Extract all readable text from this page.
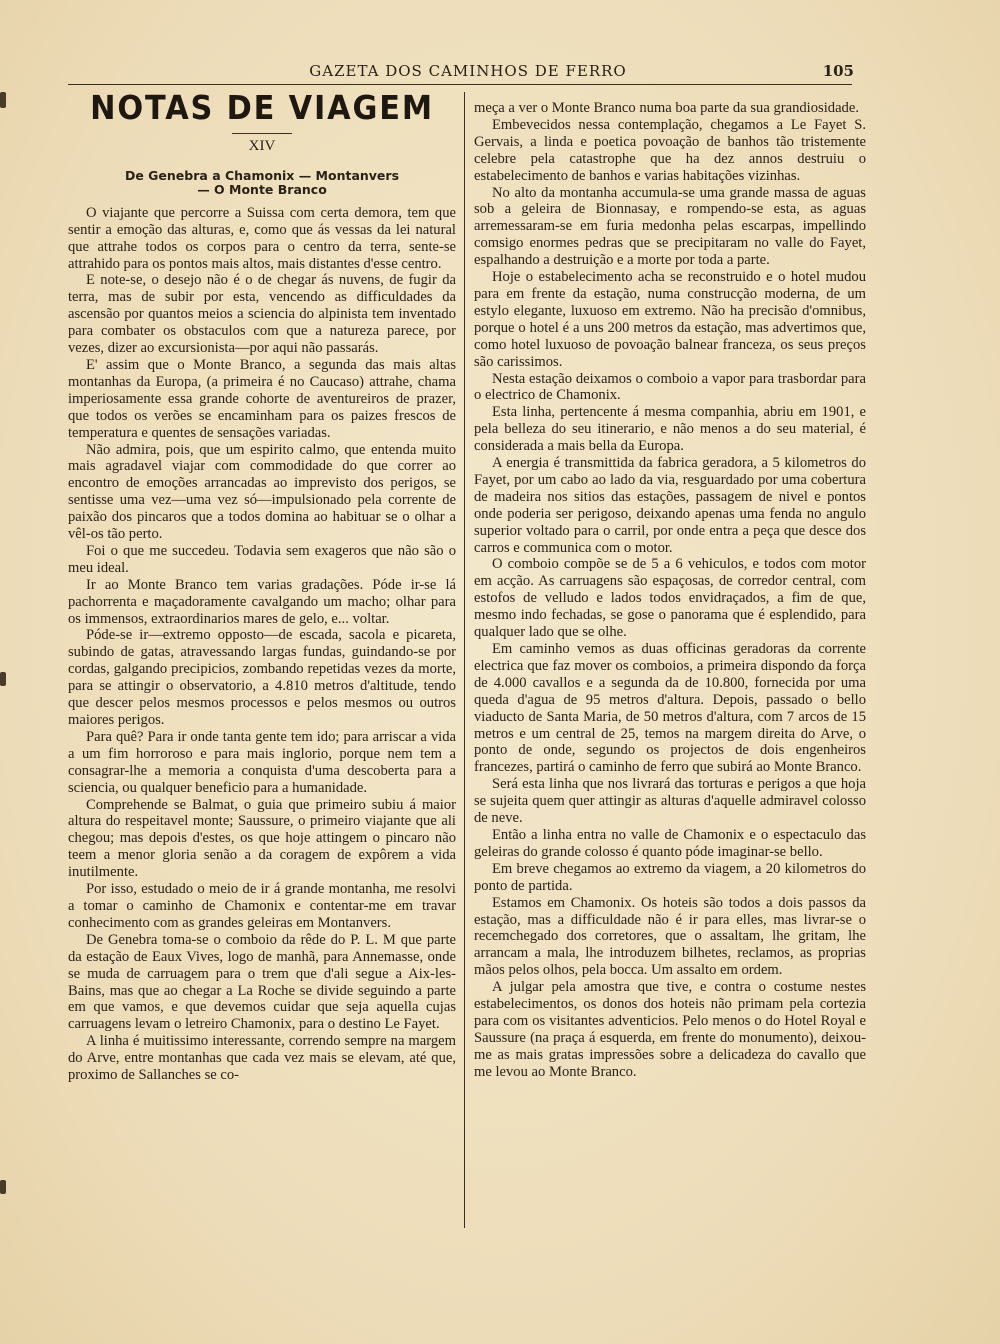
GAZETA DOS CAMINHOS DE FERRO	105
NOTAS DE VIAGEM
XIV
De Genebra a Chamonix — Montanvers
— O Monte Branco

O viajante que percorre a Suissa com certa demora, tem que sentir a emoção das alturas, e, como que ás vessas da lei natural que attrahe todos os corpos para o centro da terra, sente-se attrahido para os pontos mais altos, mais distantes d'esse centro.

E note-se, o desejo não é o de chegar ás nuvens, de fugir da terra, mas de subir por esta, vencendo as difficuldades da ascensão por quantos meios a sciencia do alpinista tem inventado para combater os obstaculos com que a natureza parece, por vezes, dizer ao excursionista—por aqui não passarás.

E' assim que o Monte Branco, a segunda das mais altas montanhas da Europa, (a primeira é no Caucaso) attrahe, chama imperiosamente essa grande cohorte de aventureiros de prazer, que todos os verões se encaminham para os paizes frescos de temperatura e quentes de sensações variadas.

Não admira, pois, que um espirito calmo, que entenda muito mais agradavel viajar com commodidade do que correr ao encontro de emoções arrancadas ao imprevisto dos perigos, se sentisse uma vez—uma vez só—impulsionado pela corrente de paixão dos pincaros que a todos domina ao habituar se o olhar a vêl-os tão perto.

Foi o que me succedeu. Todavia sem exageros que não são o meu ideal.

Ir ao Monte Branco tem varias gradações. Póde ir-se lá pachorrenta e maçadoramente cavalgando um macho; olhar para os immensos, extraordinarios mares de gelo, e... voltar.

Póde-se ir—extremo opposto—de escada, sacola e picareta, subindo de gatas, atravessando largas fundas, guindando-se por cordas, galgando precipicios, zombando repetidas vezes da morte, para se attingir o observatorio, a 4.810 metros d'altitude, tendo que descer pelos mesmos processos e pelos mesmos ou outros maiores perigos.

Para quê? Para ir onde tanta gente tem ido; para arriscar a vida a um fim horroroso e para mais inglorio, porque nem tem a consagrar-lhe a memoria a conquista d'uma descoberta para a sciencia, ou qualquer beneficio para a humanidade.

Comprehende se Balmat, o guia que primeiro subiu á maior altura do respeitavel monte; Saussure, o primeiro viajante que ali chegou; mas depois d'estes, os que hoje attingem o pincaro não teem a menor gloria senão a da coragem de expôrem a vida inutilmente.

Por isso, estudado o meio de ir á grande montanha, me resolvi a tomar o caminho de Chamonix e contentar-me em travar conhecimento com as grandes geleiras em Montanvers.

De Genebra toma-se o comboio da rêde do P. L. M que parte da estação de Eaux Vives, logo de manhã, para Annemasse, onde se muda de carruagem para o trem que d'ali segue a Aix-les-Bains, mas que ao chegar a La Roche se divide seguindo a parte em que vamos, e que devemos cuidar que seja aquella cujas carruagens levam o letreiro Chamonix, para o destino Le Fayet.

A linha é muitissimo interessante, correndo sempre na margem do Arve, entre montanhas que cada vez mais se elevam, até que, proximo de Sallanches se co-

meça a ver o Monte Branco numa boa parte da sua grandiosidade.

Embevecidos nessa contemplação, chegamos a Le Fayet S. Gervais, a linda e poetica povoação de banhos tão tristemente celebre pela catastrophe que ha dez annos destruiu o estabelecimento de banhos e varias habitações vizinhas.

No alto da montanha accumula-se uma grande massa de aguas sob a geleira de Bionnasay, e rompendo-se esta, as aguas arremessaram-se em furia medonha pelas escarpas, impellindo comsigo enormes pedras que se precipitaram no valle do Fayet, espalhando a destruição e a morte por toda a parte.

Hoje o estabelecimento acha se reconstruido e o hotel mudou para em frente da estação, numa construcção moderna, de um estylo elegante, luxuoso em extremo. Não ha precisão d'omnibus, porque o hotel é a uns 200 metros da estação, mas advertimos que, como hotel luxuoso de povoação balnear franceza, os seus preços são carissimos.

Nesta estação deixamos o comboio a vapor para trasbordar para o electrico de Chamonix.

Esta linha, pertencente á mesma companhia, abriu em 1901, e pela belleza do seu itinerario, e não menos a do seu material, é considerada a mais bella da Europa.

A energia é transmittida da fabrica geradora, a 5 kilometros do Fayet, por um cabo ao lado da via, resguardado por uma cobertura de madeira nos sitios das estações, passagem de nivel e pontos onde poderia ser perigoso, deixando apenas uma fenda no angulo superior voltado para o carril, por onde entra a peça que desce dos carros e communica com o motor.

O comboio compõe se de 5 a 6 vehiculos, e todos com motor em acção. As carruagens são espaçosas, de corredor central, com estofos de velludo e lados todos envidraçados, a fim de que, mesmo indo fechadas, se gose o panorama que é esplendido, para qualquer lado que se olhe.

Em caminho vemos as duas officinas geradoras da corrente electrica que faz mover os comboios, a primeira dispondo da força de 4.000 cavallos e a segunda da de 10.800, fornecida por uma queda d'agua de 95 metros d'altura. Depois, passado o bello viaducto de Santa Maria, de 50 metros d'altura, com 7 arcos de 15 metros e um central de 25, temos na margem direita do Arve, o ponto de onde, segundo os projectos de dois engenheiros francezes, partirá o caminho de ferro que subirá ao Monte Branco.

Será esta linha que nos livrará das torturas e perigos a que hoja se sujeita quem quer attingir as alturas d'aquelle admiravel colosso de neve.

Então a linha entra no valle de Chamonix e o espectaculo das geleiras do grande colosso é quanto póde imaginar-se bello.

Em breve chegamos ao extremo da viagem, a 20 kilometros do ponto de partida.

Estamos em Chamonix. Os hoteis são todos a dois passos da estação, mas a difficuldade não é ir para elles, mas livrar-se o recemchegado dos corretores, que o assaltam, lhe gritam, lhe arrancam a mala, lhe introduzem bilhetes, reclamos, as proprias mãos pelos olhos, pela bocca. Um assalto em ordem.

A julgar pela amostra que tive, e contra o costume nestes estabelecimentos, os donos dos hoteis não primam pela cortezia para com os visitantes adventicios. Pelo menos o do Hotel Royal e Saussure (na praça á esquerda, em frente do monumento), deixou-me as mais gratas impressões sobre a delicadeza do cavallo que me levou ao Monte Branco.
